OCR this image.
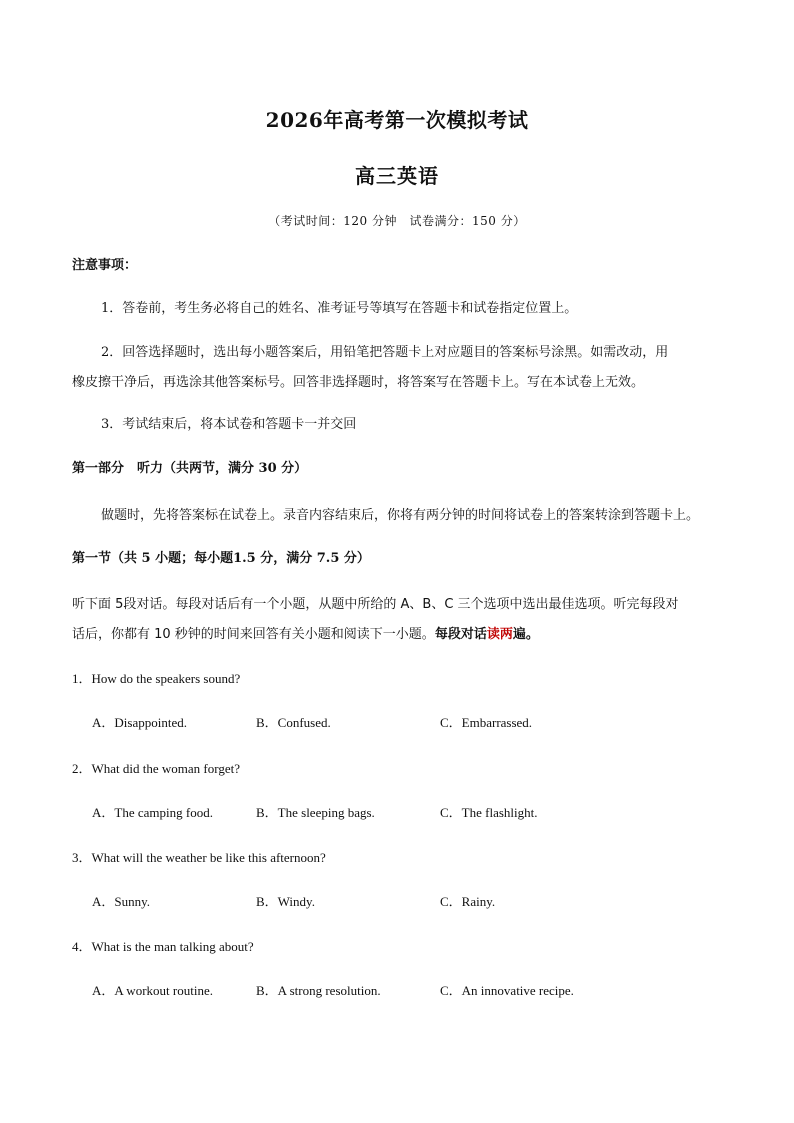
2026年高考第一次模拟考试
高三英语
（考试时间：120 分钟　试卷满分：150 分）
注意事项：
1．答卷前，考生务必将自己的姓名、准考证号等填写在答题卡和试卷指定位置上。
2．回答选择题时，选出每小题答案后，用铅笔把答题卡上对应题目的答案标号涂黑。如需改动，用
橡皮擦干净后，再选涂其他答案标号。回答非选择题时，将答案写在答题卡上。写在本试卷上无效。
3．考试结束后，将本试卷和答题卡一并交回
第一部分　听力（共两节，满分 30 分）
做题时，先将答案标在试卷上。录音内容结束后，你将有两分钟的时间将试卷上的答案转涂到答题卡上。
第一节（共 5 小题；每小题1.5 分，满分 7.5 分）
听下面 5段对话。每段对话后有一个小题，从题中所给的 A、B、C 三个选项中选出最佳选项。听完每段对
话后，你都有 10 秒钟的时间来回答有关小题和阅读下一小题。每段对话读两遍。
1．How do the speakers sound?
A．Disappointed.	B．Confused.	C．Embarrassed.
2．What did the woman forget?
A．The camping food.	B．The sleeping bags.	C．The flashlight.
3．What will the weather be like this afternoon?
A．Sunny.	B．Windy.	C．Rainy.
4．What is the man talking about?
A．A workout routine.	B．A strong resolution.	C．An innovative recipe.
